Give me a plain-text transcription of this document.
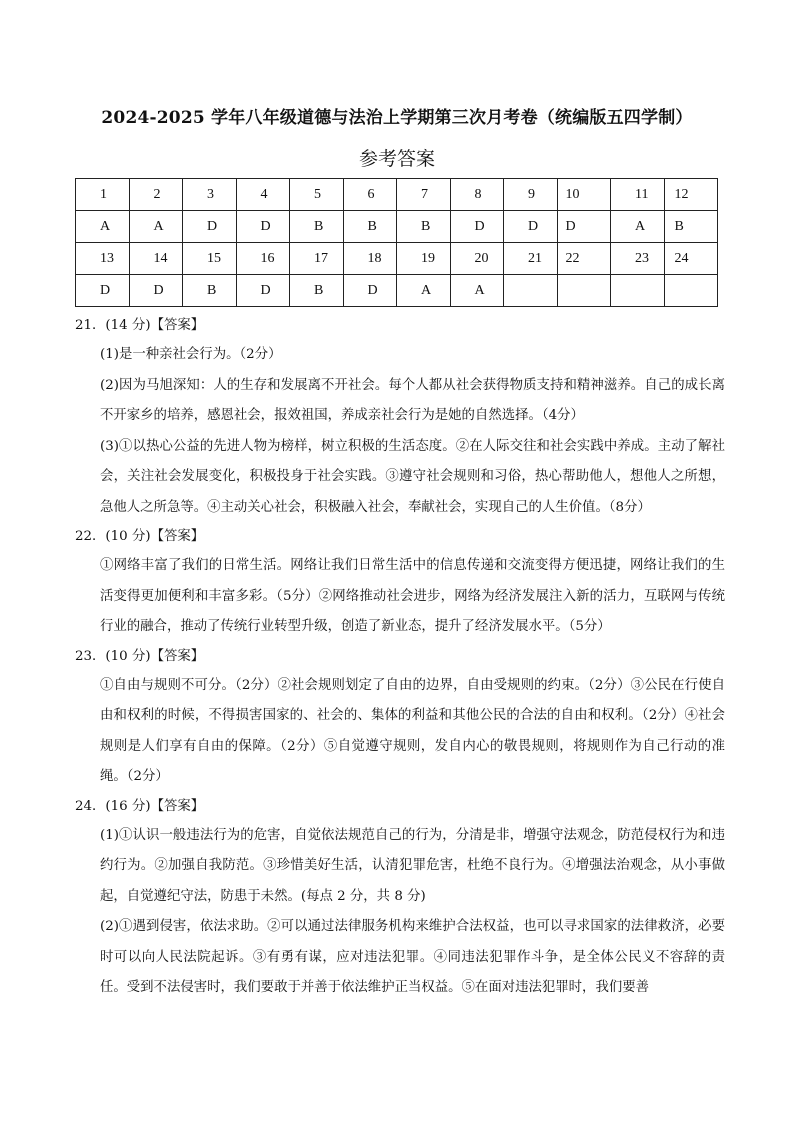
2024-2025 学年八年级道德与法治上学期第三次月考卷（统编版五四学制）
参考答案
1	2	3	4	5	6	7	8	9	10	11	12
A	A	D	D	B	B	B	D	D	D	A	B
13	14	15	16	17	18	19	20	21	22	23	24
D	D	B	D	B	D	A	A				
21．(14 分)【答案】
(1)是一种亲社会行为。（2分）
(2)因为马旭深知：人的生存和发展离不开社会。每个人都从社会获得物质支持和精神滋养。自己的成长离不开家乡的培养，感恩社会，报效祖国，养成亲社会行为是她的自然选择。（4分）
(3)①以热心公益的先进人物为榜样，树立积极的生活态度。②在人际交往和社会实践中养成。主动了解社会，关注社会发展变化，积极投身于社会实践。③遵守社会规则和习俗，热心帮助他人，想他人之所想，急他人之所急等。④主动关心社会，积极融入社会，奉献社会，实现自己的人生价值。（8分）
22．(10 分)【答案】
①网络丰富了我们的日常生活。网络让我们日常生活中的信息传递和交流变得方便迅捷，网络让我们的生活变得更加便利和丰富多彩。（5分）②网络推动社会进步，网络为经济发展注入新的活力，互联网与传统行业的融合，推动了传统行业转型升级，创造了新业态，提升了经济发展水平。（5分）
23．(10 分)【答案】
①自由与规则不可分。（2分）②社会规则划定了自由的边界，自由受规则的约束。（2分）③公民在行使自由和权利的时候，不得损害国家的、社会的、集体的利益和其他公民的合法的自由和权利。（2分）④社会规则是人们享有自由的保障。（2分）⑤自觉遵守规则，发自内心的敬畏规则，将规则作为自己行动的准绳。（2分）
24．(16 分)【答案】
(1)①认识一般违法行为的危害，自觉依法规范自己的行为，分清是非，增强守法观念，防范侵权行为和违约行为。②加强自我防范。③珍惜美好生活，认清犯罪危害，杜绝不良行为。④增强法治观念，从小事做起，自觉遵纪守法，防患于未然。(每点 2 分，共 8 分)
(2)①遇到侵害，依法求助。②可以通过法律服务机构来维护合法权益，也可以寻求国家的法律救济，必要时可以向人民法院起诉。③有勇有谋，应对违法犯罪。④同违法犯罪作斗争，是全体公民义不容辞的责任。受到不法侵害时，我们要敢于并善于依法维护正当权益。⑤在面对违法犯罪时，我们要善
